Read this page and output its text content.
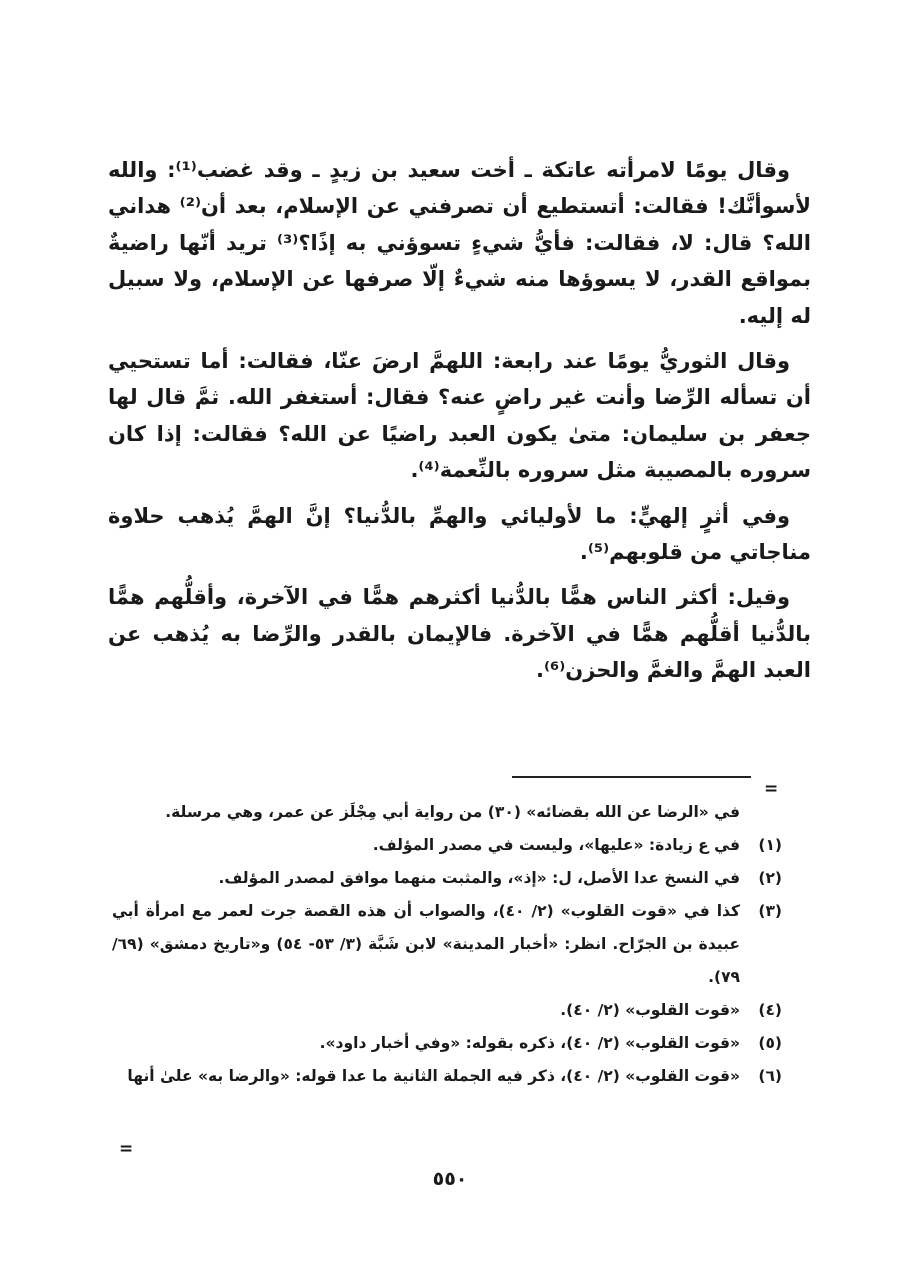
وقال يومًا لامرأته عاتكة ـ أخت سعيد بن زيدٍ ـ وقد غضب⁽¹⁾: والله لأسوأنَّك! فقالت: أتستطيع أن تصرفني عن الإسلام، بعد أن⁽²⁾ هداني الله؟ قال: لا، فقالت: فأيُّ شيءٍ تسوؤني به إذًا؟⁽³⁾ تريد أنّها راضيةٌ بمواقع القدر، لا يسوؤها منه شيءٌ إلّا صرفها عن الإسلام، ولا سبيل له إليه.

وقال الثوريُّ يومًا عند رابعة: اللهمَّ ارضَ عنّا، فقالت: أما تستحيي أن تسأله الرِّضا وأنت غير راضٍ عنه؟ فقال: أستغفر الله. ثمَّ قال لها جعفر بن سليمان: متىٰ يكون العبد راضيًا عن الله؟ فقالت: إذا كان سروره بالمصيبة مثل سروره بالنِّعمة⁽⁴⁾.

وفي أثرٍ إلهيٍّ: ما لأوليائي والهمِّ بالدُّنيا؟ إنَّ الهمَّ يُذهب حلاوة مناجاتي من قلوبهم⁽⁵⁾.

وقيل: أكثر الناس همًّا بالدُّنيا أكثرهم همًّا في الآخرة، وأقلُّهم همًّا بالدُّنيا أقلُّهم همًّا في الآخرة. فالإيمان بالقدر والرِّضا به يُذهب عن العبد الهمَّ والغمَّ والحزن⁽⁶⁾.

=

في «الرضا عن الله بقضائه» (٣٠) من رواية أبي مِجْلَز عن عمر، وهي مرسلة.

(١)
في ع زيادة: «عليها»، وليست في مصدر المؤلف.

(٢)
في النسخ عدا الأصل، ل: «إذ»، والمثبت منهما موافق لمصدر المؤلف.

(٣)
كذا في «قوت القلوب» (٢/ ٤٠)، والصواب أن هذه القصة جرت لعمر مع امرأة أبي عبيدة بن الجرّاح. انظر: «أخبار المدينة» لابن شَبَّة (٣/ ٥٣- ٥٤) و«تاريخ دمشق» (٦٩/ ٧٩).

(٤)
«قوت القلوب» (٢/ ٤٠).

(٥)
«قوت القلوب» (٢/ ٤٠)، ذكره بقوله: «وفي أخبار داود».

(٦)
«قوت القلوب» (٢/ ٤٠)، ذكر فيه الجملة الثانية ما عدا قوله: «والرضا به» علىٰ أنها

=
٥٥٠
